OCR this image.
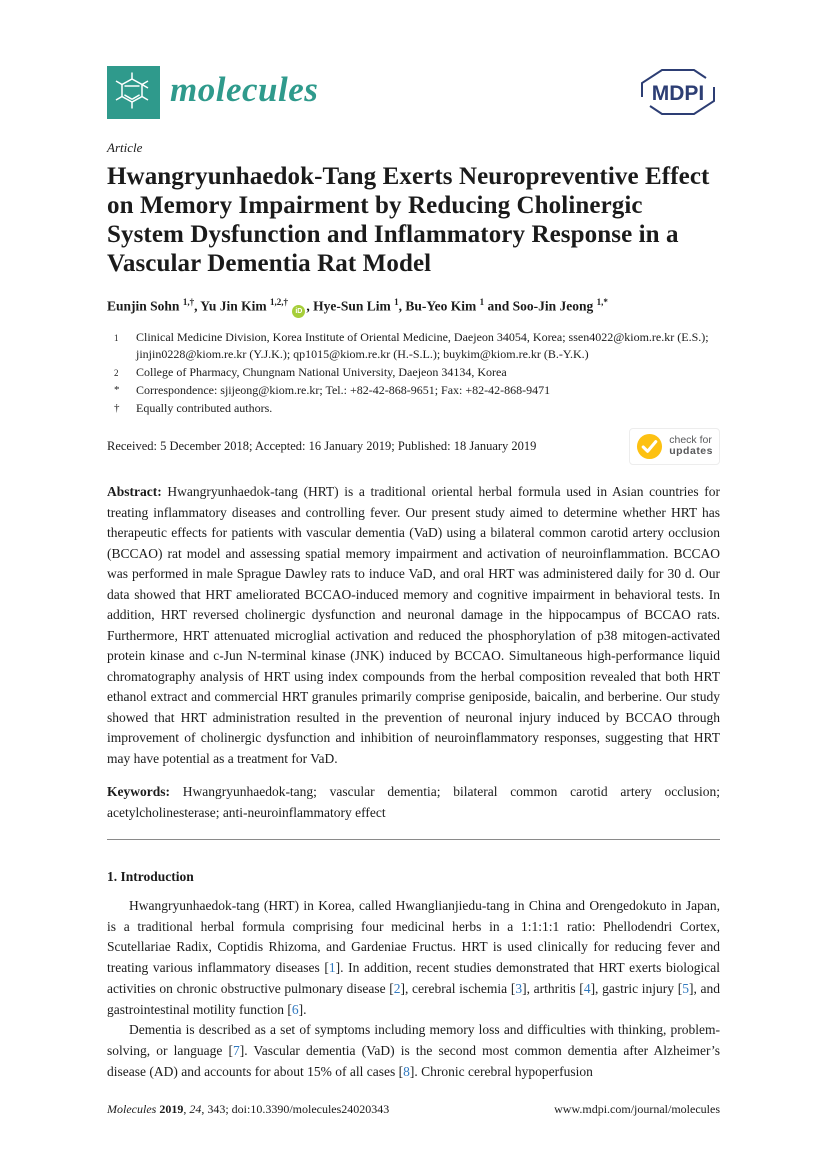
molecules	MDPI
Article
Hwangryunhaedok-Tang Exerts Neuropreventive Effect on Memory Impairment by Reducing Cholinergic System Dysfunction and Inflammatory Response in a Vascular Dementia Rat Model
Eunjin Sohn $^{1,\dagger}$, Yu Jin Kim $^{1,2,\dagger}$ iD , Hye-Sun Lim $^1$, Bu-Yeo Kim $^1$ and Soo-Jin Jeong $^{1,*}$
1	Clinical Medicine Division, Korea Institute of Oriental Medicine, Daejeon 34054, Korea; ssen4022@kiom.re.kr (E.S.); jinjin0228@kiom.re.kr (Y.J.K.); qp1015@kiom.re.kr (H.-S.L.); buykim@kiom.re.kr (B.-Y.K.)
2	College of Pharmacy, Chungnam National University, Daejeon 34134, Korea
*	Correspondence: sjijeong@kiom.re.kr; Tel.: +82-42-868-9651; Fax: +82-42-868-9471
†	Equally contributed authors.
Received: 5 December 2018; Accepted: 16 January 2019; Published: 18 January 2019	check for
updates

Abstract: Hwangryunhaedok-tang (HRT) is a traditional oriental herbal formula used in Asian countries for treating inflammatory diseases and controlling fever. Our present study aimed to determine whether HRT has therapeutic effects for patients with vascular dementia (VaD) using a bilateral common carotid artery occlusion (BCCAO) rat model and assessing spatial memory impairment and activation of neuroinflammation. BCCAO was performed in male Sprague Dawley rats to induce VaD, and oral HRT was administered daily for 30 d. Our data showed that HRT ameliorated BCCAO-induced memory and cognitive impairment in behavioral tests. In addition, HRT reversed cholinergic dysfunction and neuronal damage in the hippocampus of BCCAO rats. Furthermore, HRT attenuated microglial activation and reduced the phosphorylation of p38 mitogen-activated protein kinase and c-Jun N-terminal kinase (JNK) induced by BCCAO. Simultaneous high-performance liquid chromatography analysis of HRT using index compounds from the herbal composition revealed that both HRT ethanol extract and commercial HRT granules primarily comprise geniposide, baicalin, and berberine. Our study showed that HRT administration resulted in the prevention of neuronal injury induced by BCCAO through improvement of cholinergic dysfunction and inhibition of neuroinflammatory responses, suggesting that HRT may have potential as a treatment for VaD.

Keywords: Hwangryunhaedok-tang; vascular dementia; bilateral common carotid artery occlusion; acetylcholinesterase; anti-neuroinflammatory effect

1. Introduction

Hwangryunhaedok-tang (HRT) in Korea, called Hwanglianjiedu-tang in China and Orengedokuto in Japan, is a traditional herbal formula comprising four medicinal herbs in a 1:1:1:1 ratio: Phellodendri Cortex, Scutellariae Radix, Coptidis Rhizoma, and Gardeniae Fructus. HRT is used clinically for reducing fever and treating various inflammatory diseases [1]. In addition, recent studies demonstrated that HRT exerts biological activities on chronic obstructive pulmonary disease [2], cerebral ischemia [3], arthritis [4], gastric injury [5], and gastrointestinal motility function [6].

Dementia is described as a set of symptoms including memory loss and difficulties with thinking, problem-solving, or language [7]. Vascular dementia (VaD) is the second most common dementia after Alzheimer’s disease (AD) and accounts for about 15% of all cases [8]. Chronic cerebral hypoperfusion

Molecules 2019, 24, 343; doi:10.3390/molecules24020343	www.mdpi.com/journal/molecules
